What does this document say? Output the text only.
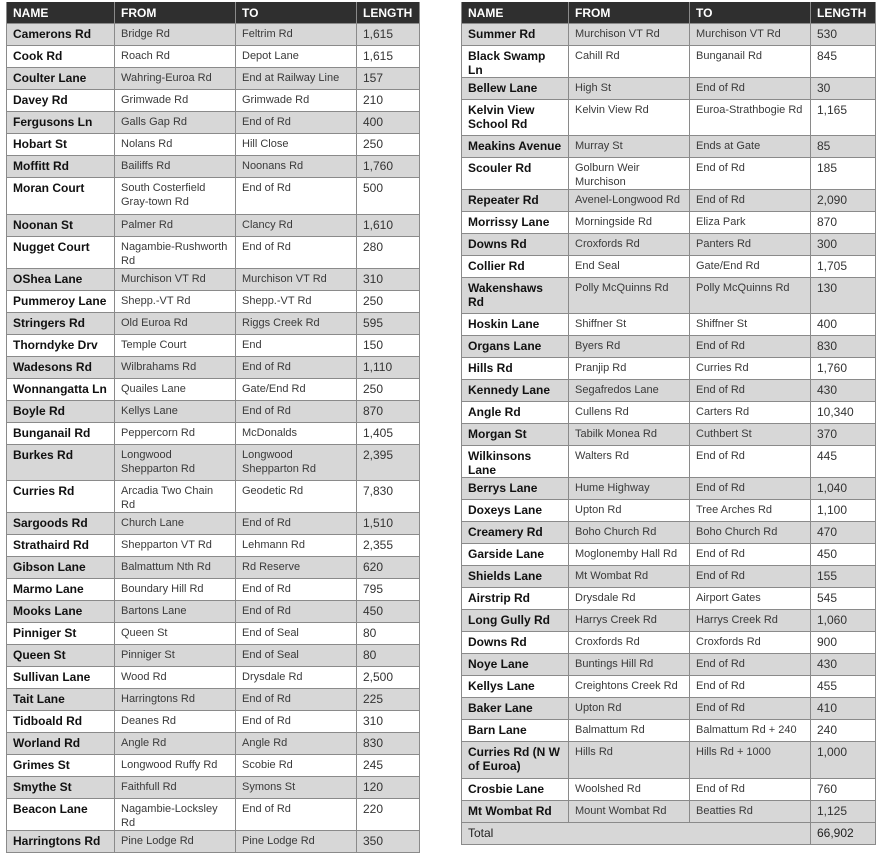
NAME	FROM	TO	LENGTH
Camerons Rd	Bridge Rd	Feltrim Rd	1,615
Cook Rd	Roach Rd	Depot Lane	1,615
Coulter Lane	Wahring-Euroa Rd	End at Railway Line	157
Davey Rd	Grimwade Rd	Grimwade Rd	210
Fergusons Ln	Galls Gap Rd	End of Rd	400
Hobart St	Nolans Rd	Hill Close	250
Moffitt Rd	Bailiffs Rd	Noonans Rd	1,760
Moran Court	South Costerfield Gray-town Rd	End of Rd	500
Noonan St	Palmer Rd	Clancy Rd	1,610
Nugget Court	Nagambie-Rushworth Rd	End of Rd	280
OShea Lane	Murchison VT Rd	Murchison VT Rd	310
Pummeroy Lane	Shepp.-VT Rd	Shepp.-VT Rd	250
Stringers Rd	Old Euroa Rd	Riggs Creek Rd	595
Thorndyke Drv	Temple Court	End	150
Wadesons Rd	Wilbrahams Rd	End of Rd	1,110
Wonnangatta Ln	Quailes Lane	Gate/End Rd	250
Boyle Rd	Kellys Lane	End of Rd	870
Bunganail Rd	Peppercorn Rd	McDonalds	1,405
Burkes Rd	Longwood Shepparton Rd	Longwood Shepparton Rd	2,395
Curries Rd	Arcadia Two Chain Rd	Geodetic Rd	7,830
Sargoods Rd	Church Lane	End of Rd	1,510
Strathaird Rd	Shepparton VT Rd	Lehmann Rd	2,355
Gibson Lane	Balmattum Nth Rd	Rd Reserve	620
Marmo Lane	Boundary Hill Rd	End of Rd	795
Mooks Lane	Bartons Lane	End of Rd	450
Pinniger St	Queen St	End of Seal	80
Queen St	Pinniger St	End of Seal	80
Sullivan Lane	Wood Rd	Drysdale Rd	2,500
Tait Lane	Harringtons Rd	End of Rd	225
Tidboald Rd	Deanes Rd	End of Rd	310
Worland Rd	Angle Rd	Angle Rd	830
Grimes St	Longwood Ruffy Rd	Scobie Rd	245
Smythe St	Faithfull Rd	Symons St	120
Beacon Lane	Nagambie-Locksley Rd	End of Rd	220
Harringtons Rd	Pine Lodge Rd	Pine Lodge Rd	350
NAME	FROM	TO	LENGTH
Summer Rd	Murchison VT Rd	Murchison VT Rd	530
Black Swamp Ln	Cahill Rd	Bunganail Rd	845
Bellew Lane	High St	End of Rd	30
Kelvin View School Rd	Kelvin View Rd	Euroa-Strathbogie Rd	1,165
Meakins Avenue	Murray St	Ends at Gate	85
Scouler Rd	Golburn Weir Murchison	End of Rd	185
Repeater Rd	Avenel-Longwood Rd	End of Rd	2,090
Morrissy Lane	Morningside Rd	Eliza Park	870
Downs Rd	Croxfords Rd	Panters Rd	300
Collier Rd	End Seal	Gate/End Rd	1,705
Wakenshaws Rd	Polly McQuinns Rd	Polly McQuinns Rd	130
Hoskin Lane	Shiffner St	Shiffner St	400
Organs Lane	Byers Rd	End of Rd	830
Hills Rd	Pranjip Rd	Curries Rd	1,760
Kennedy Lane	Segafredos Lane	End of Rd	430
Angle Rd	Cullens Rd	Carters Rd	10,340
Morgan St	Tabilk Monea Rd	Cuthbert St	370
Wilkinsons Lane	Walters Rd	End of Rd	445
Berrys Lane	Hume Highway	End of Rd	1,040
Doxeys Lane	Upton Rd	Tree Arches Rd	1,100
Creamery Rd	Boho Church Rd	Boho Church Rd	470
Garside Lane	Moglonemby Hall Rd	End of Rd	450
Shields Lane	Mt Wombat Rd	End of Rd	155
Airstrip Rd	Drysdale Rd	Airport Gates	545
Long Gully Rd	Harrys Creek Rd	Harrys Creek Rd	1,060
Downs Rd	Croxfords Rd	Croxfords Rd	900
Noye Lane	Buntings Hill Rd	End of Rd	430
Kellys Lane	Creightons Creek Rd	End of Rd	455
Baker Lane	Upton Rd	End of Rd	410
Barn Lane	Balmattum Rd	Balmattum Rd + 240	240
Curries Rd (N W of Euroa)	Hills Rd	Hills Rd + 1000	1,000
Crosbie Lane	Woolshed Rd	End of Rd	760
Mt Wombat Rd	Mount Wombat Rd	Beatties Rd	1,125
Total			66,902
